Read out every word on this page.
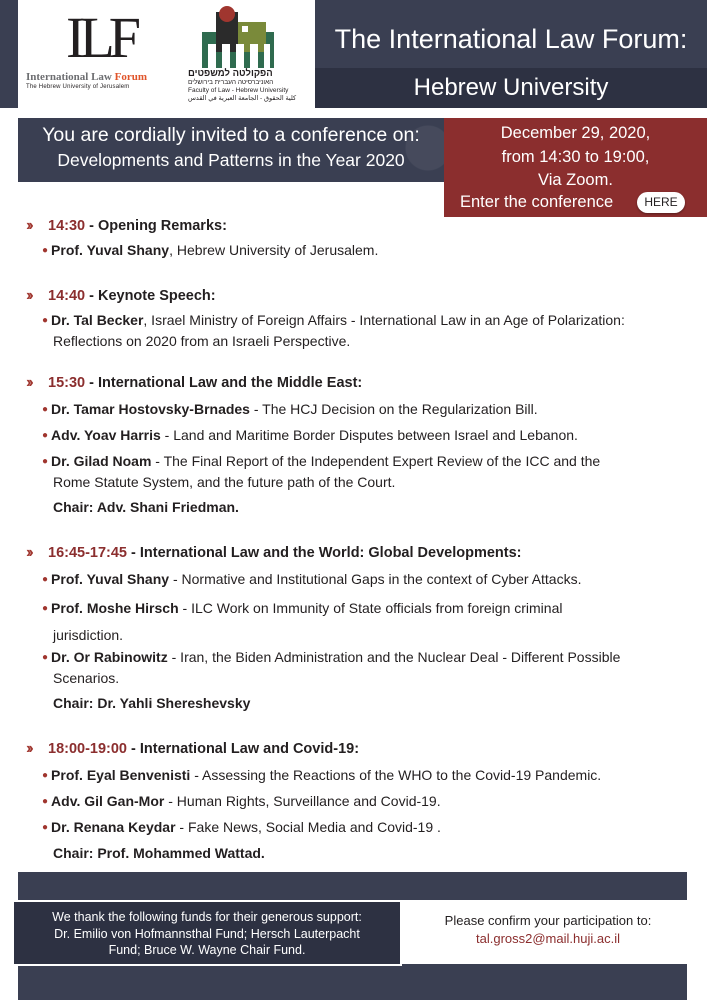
ILF
International Law Forum
The Hebrew University of Jerusalem
הפקולטה למשפטים
האוניברסיטה העברית בירושלים
Faculty of Law - Hebrew University
كلية الحقوق - الجامعة العبرية في القدس
The International Law Forum:
Hebrew University
You are cordially invited to a conference on:
Developments and Patterns in the Year 2020
December 29, 2020,
from 14:30 to 19:00,
Via Zoom.
Enter the conference	HERE
›› 14:30 - Opening Remarks:
● Prof. Yuval Shany, Hebrew University of Jerusalem.
›› 14:40 - Keynote Speech:
● Dr. Tal Becker, Israel Ministry of Foreign Affairs - International Law in an Age of Polarization:
Reflections on 2020 from an Israeli Perspective.
›› 15:30 - International Law and the Middle East:
● Dr. Tamar Hostovsky-Brnades - The HCJ Decision on the Regularization Bill.
● Adv. Yoav Harris - Land and Maritime Border Disputes between Israel and Lebanon.
● Dr. Gilad Noam - The Final Report of the Independent Expert Review of the ICC and the
Rome Statute System, and the future path of the Court.
Chair: Adv. Shani Friedman.
›› 16:45-17:45 - International Law and the World: Global Developments:
● Prof. Yuval Shany - Normative and Institutional Gaps in the context of Cyber Attacks.
● Prof. Moshe Hirsch - ILC Work on Immunity of State officials from foreign criminal
jurisdiction.
● Dr. Or Rabinowitz - Iran, the Biden Administration and the Nuclear Deal - Different Possible
Scenarios.
Chair: Dr. Yahli Shereshevsky
›› 18:00-19:00 - International Law and Covid-19:
● Prof. Eyal Benvenisti - Assessing the Reactions of the WHO to the Covid-19 Pandemic.
● Adv. Gil Gan-Mor - Human Rights, Surveillance and Covid-19.
● Dr. Renana Keydar - Fake News, Social Media and Covid-19 .
Chair: Prof. Mohammed Wattad.
We thank the following funds for their generous support:
Dr. Emilio von Hofmannsthal Fund; Hersch Lauterpacht
Fund; Bruce W. Wayne Chair Fund.
Please confirm your participation to:
tal.gross2@mail.huji.ac.il
